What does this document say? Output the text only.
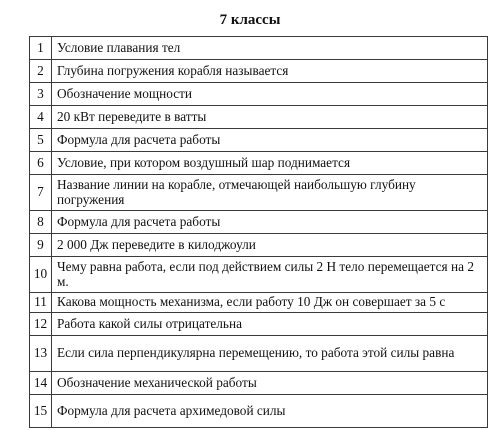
7 классы
1	Условие плавания тел
2	Глубина погружения корабля называется
3	Обозначение мощности
4	20 кВт переведите в ватты
5	Формула для расчета работы
6	Условие, при котором воздушный шар поднимается
7	Название линии на корабле, отмечающей наибольшую глубину погружения
8	Формула для расчета работы
9	2 000 Дж переведите в килоджоули
10	Чему равна работа, если под действием силы 2 Н тело перемещается на 2 м.
11	Какова мощность механизма, если работу 10 Дж он совершает за 5 с
12	Работа какой силы отрицательна
13	Если сила перпендикулярна перемещению, то работа этой силы равна
14	Обозначение механической работы
15	Формула для расчета архимедовой силы
